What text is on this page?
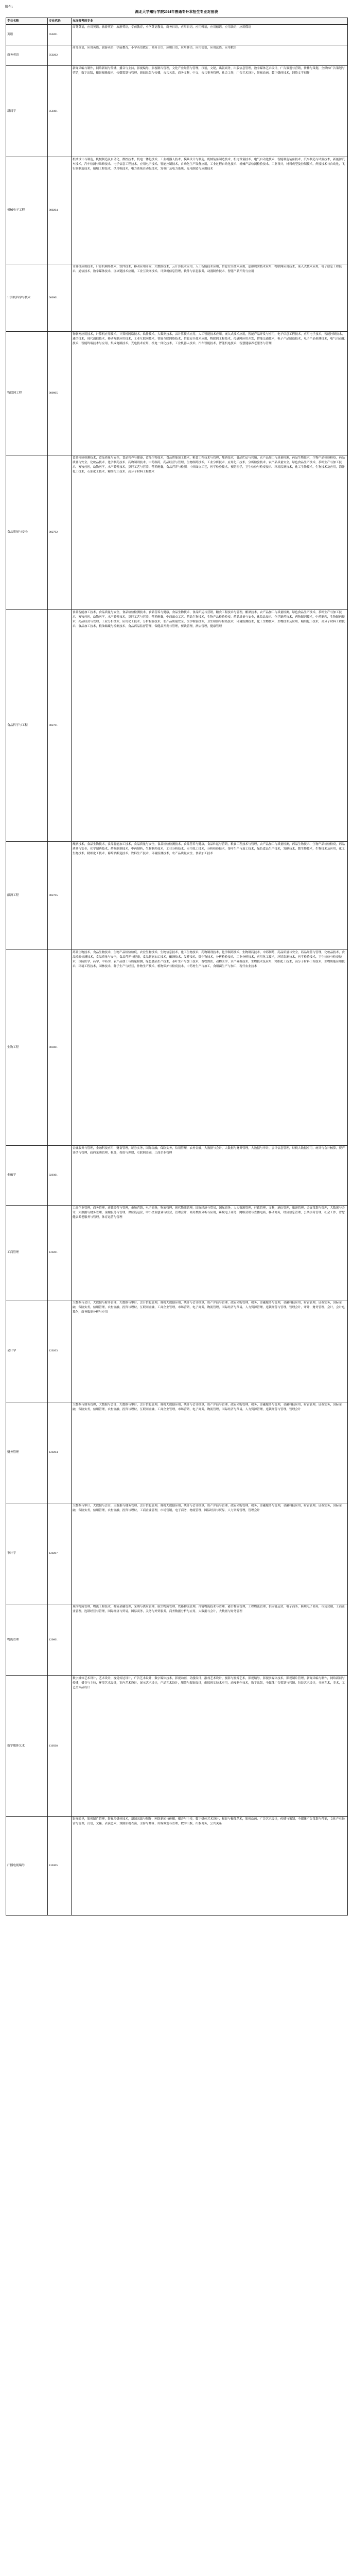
附件1
湖北大学知行学院2024年普通专升本招生专业对照表
专业名称	专业代码	允许报考的专业
英语	050201	商务英语，应用英语，旅游英语，旅游英语，学前教育，小学英语教育，商务日语，应用日语，应用韩语，应用德语，应用法语，应用俄语
商务英语	050262	商务英语，应用英语，旅游英语，学前教育，小学英语教育，商务日语，应用日语，应用韩语，应用德语，应用法语，应用俄语
新闻学	050301	新闻采编与制作，网络新闻与传播，播音与主持，影视编导，影视制片管理，文化产业经营与管理，汉语，文秘，出版商务，出版信息管理，数字媒体艺术设计，广告策划与营销，传播与策划，全媒体广告策划与营销，数字出版，摄影摄像技术，传媒策划与管理，新闻出版与传播，公共关系，商务文秘，中文，公共事务管理，社会工作，广告艺术设计，影视动画，数字媒体技术，网络文学创作
机械电子工程	080204	机械设计与制造，机械制造及自动化，数控技术，机电一体化技术，工业机器人技术，模具设计与制造，机械装备制造技术，机电设备技术，电气自动化技术，智能制造装备技术，汽车制造与试验技术，新能源汽车技术，汽车检测与维修技术，电子信息工程技术，应用电子技术，智能控制技术，自动化生产设备应用，工业过程自动化技术，机械产品检测检验技术，工业设计，材料成型及控制技术，焊接技术与自动化，飞行器制造技术，船舶工程技术，供用电技术，电力系统自动化技术，发电厂及电力系统，光电制造与应用技术
计算机科学与技术	080901	计算机应用技术，计算机网络技术，软件技术，移动应用开发，大数据技术，云计算技术应用，人工智能技术应用，信息安全技术应用，虚拟现实技术应用，物联网应用技术，嵌入式技术应用，电子信息工程技术，通信技术，数字媒体技术，区块链技术应用，工业互联网技术，计算机信息管理，软件与信息服务，动漫制作技术，智能产品开发与应用
物联网工程	080905	物联网应用技术，计算机应用技术，计算机网络技术，软件技术，大数据技术，云计算技术应用，人工智能技术应用，嵌入式技术应用，智能产品开发与应用，电子信息工程技术，应用电子技术，智能控制技术，通信技术，现代通信技术，移动互联应用技术，工业互联网技术，智能互联网络技术，信息安全技术应用，物联网工程技术，传感网应用开发，智能交通技术，电子产品制造技术，电子产品检测技术，电气自动化技术，智能终端技术与应用，集成电路技术，光电技术应用，机电一体化技术，工业机器人技术，汽车智能技术，智能机电技术，智慧健康养老服务与管理
食品质量与安全	082702	食品检验检测技术，食品质量与安全，食品营养与健康，食品生物技术，食品智能加工技术，粮食工程技术与管理，酿酒技术，食品贮运与营销，农产品加工与质量检测，药品生物技术，生物产品检验检疫，药品质量与安全，化妆品技术，化学制药技术，药物制剂技术，中药制药，药品经营与管理，生物制药技术，工业分析技术，应用化工技术，分析检验技术，农产品质量安全，绿色食品生产技术，茶叶生产与加工技术，畜牧兽医，动物医学，水产养殖技术，烹饪工艺与营养，营养配餐，食品营养与检测，中西面点工艺，医学检验技术，预防医学，卫生检验与检疫技术，环境监测技术，化工生物技术，生物技术及应用，海洋化工技术，石油化工技术，精细化工技术，高分子材料工程技术
食品科学与工程	082701	食品智能加工技术，食品质量与安全，食品检验检测技术，食品营养与健康，食品生物技术，食品贮运与营销，粮食工程技术与管理，酿酒技术，农产品加工与质量检测，绿色食品生产技术，茶叶生产与加工技术，畜牧兽医，动物医学，水产养殖技术，烹饪工艺与营养，营养配餐，中西面点工艺，药品生物技术，生物产品检验检疫，药品质量与安全，化妆品技术，化学制药技术，药物制剂技术，中药制药，生物制药技术，药品经营与管理，工业分析技术，应用化工技术，分析检验技术，农产品质量安全，医学检验技术，卫生检验与检疫技术，环境监测技术，化工生物技术，生物技术及应用，精细化工技术，高分子材料工程技术，食品加工技术，粮油储藏与检测技术，食品药品监督管理，保健品开发与管理，餐饮管理，酒店管理，健康管理
酿酒工程	082705	酿酒技术，食品生物技术，食品智能加工技术，食品质量与安全，食品检验检测技术，食品营养与健康，食品贮运与营销，粮食工程技术与管理，农产品加工与质量检测，药品生物技术，生物产品检验检疫，药品质量与安全，化学制药技术，药物制剂技术，中药制药，生物制药技术，工业分析技术，应用化工技术，分析检验技术，茶叶生产与加工技术，绿色食品生产技术，发酵技术，微生物技术，生物技术及应用，化工生物技术，精细化工技术，葡萄酒酿造技术，饮料生产技术，环境监测技术，农产品质量安全，食品加工技术
生物工程	083001	药品生物技术，食品生物技术，生物产品检验检疫，农业生物技术，生物信息技术，化工生物技术，药物制剂技术，化学制药技术，生物制药技术，中药制药，药品质量与安全，药品经营与管理，化妆品技术，食品检验检测技术，食品质量与安全，食品营养与健康，食品智能加工技术，酿酒技术，发酵技术，微生物技术，分析检验技术，工业分析技术，应用化工技术，环境监测技术，医学检验技术，卫生检验与检疫技术，预防医学，药学，中药学，农产品加工与质量检测，绿色食品生产技术，茶叶生产与加工技术，畜牧兽医，动物医学，水产养殖技术，生物技术及应用，精细化工技术，高分子材料工程技术，生物质能应用技术，环境工程技术，园林技术，种子生产与经营，作物生产技术，植物保护与检疫技术，中药材生产与加工，食用菌生产与加工，现代农业技术
金融学	020301	金融服务与管理，金融科技应用，财富管理，证券实务，国际金融，保险实务，信用管理，农村金融，大数据与会计，大数据与财务管理，大数据与审计，会计信息管理，财税大数据应用，统计与会计核算，资产评估与管理，政府采购管理，税务，投资与理财，互联网金融，工商企业管理
工商管理	120201	工商企业管理，商务管理，连锁经营与管理，市场营销，电子商务，物流管理，现代物流管理，国际经济与贸易，国际商务，人力资源管理，行政管理，文秘，酒店管理，旅游管理，会展策划与管理，大数据与会计，大数据与财务管理，金融服务与管理，供应链运营，中小企业创业与经营，管理会计，商务数据分析与应用，跨境电子商务，网络营销与直播电商，移动商务，经济信息管理，公共事务管理，社会工作，智慧健康养老服务与管理，体育运营与管理
会计学	120203	大数据与会计，大数据与财务管理，大数据与审计，会计信息管理，财税大数据应用，统计与会计核算，资产评估与管理，政府采购管理，税务，金融服务与管理，金融科技应用，财富管理，证券实务，国际金融，保险实务，信用管理，农村金融，投资与理财，互联网金融，工商企业管理，市场营销，电子商务，物流管理，国际经济与贸易，人力资源管理，连锁经营与管理，管理会计，审计，财务管理，会计，会计电算化，商务数据分析与应用
财务管理	120204	大数据与财务管理，大数据与会计，大数据与审计，会计信息管理，财税大数据应用，统计与会计核算，资产评估与管理，政府采购管理，税务，金融服务与管理，金融科技应用，财富管理，证券实务，国际金融，保险实务，信用管理，农村金融，投资与理财，互联网金融，工商企业管理，市场营销，电子商务，物流管理，国际经济与贸易，人力资源管理，连锁经营与管理，管理会计
审计学	120207	大数据与审计，大数据与会计，大数据与财务管理，会计信息管理，财税大数据应用，统计与会计核算，资产评估与管理，政府采购管理，税务，金融服务与管理，金融科技应用，财富管理，证券实务，国际金融，保险实务，信用管理，农村金融，投资与理财，工商企业管理，市场营销，电子商务，物流管理，国际经济与贸易，人力资源管理，管理会计
物流管理	120601	现代物流管理，物流工程技术，物流金融管理，采购与供应管理，航空物流管理，铁路物流管理，冷链物流技术与管理，港口物流管理，工程物流管理，供应链运营，电子商务，跨境电子商务，市场营销，工商企业管理，连锁经营与管理，国际经济与贸易，国际商务，关务与外贸服务，商务数据分析与应用，大数据与会计，大数据与财务管理
数字媒体艺术	130508	数字媒体艺术设计，艺术设计，视觉传达设计，广告艺术设计，数字媒体技术，影视动画，动漫设计，游戏艺术设计，摄影与摄像艺术，影视编导，影视多媒体技术，影视制片管理，新闻采编与制作，网络新闻与传播，播音与主持，环境艺术设计，室内艺术设计，展示艺术设计，产品艺术设计，服装与服饰设计，虚拟现实技术应用，动漫制作技术，数字出版，全媒体广告策划与营销，包装艺术设计，书画艺术，美术，工艺美术品设计
广播电视编导	130305	影视编导，影视制片管理，影视多媒体技术，新闻采编与制作，网络新闻与传播，播音与主持，数字媒体艺术设计，摄影与摄像艺术，影视动画，广告艺术设计，传播与策划，全媒体广告策划与营销，文化产业经营与管理，汉语，文秘，表演艺术，戏剧影视表演，主持与播音，传媒策划与管理，数字出版，出版商务，公共关系
